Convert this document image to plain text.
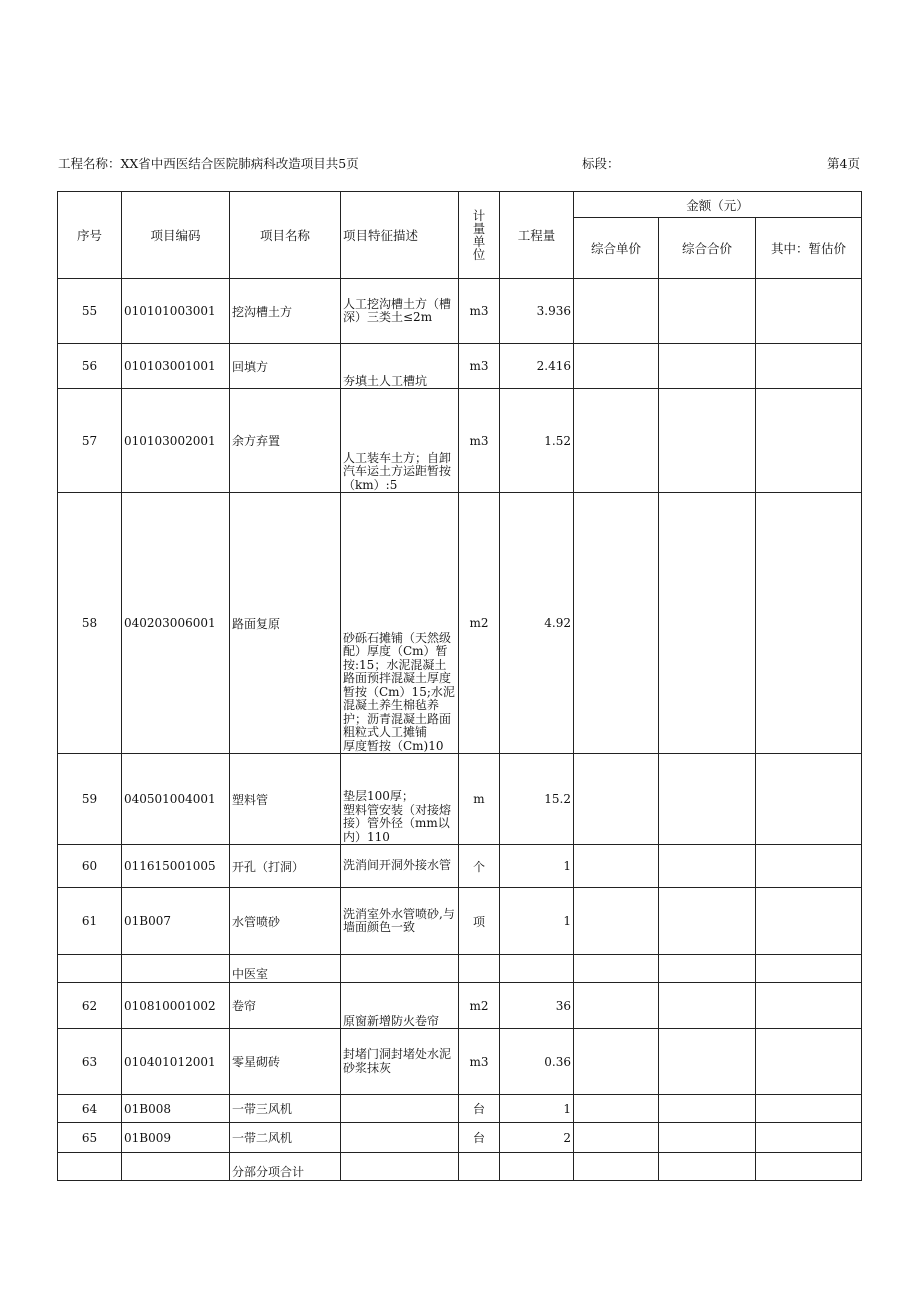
工程名称：XX省中西医结合医院肺病科改造项目共5页	标段：	第4页
序号	项目编码	项目名称	项目特征描述	计
量
单
位	工程量	金额（元）		
						综合单价	综合合价	其中：暂估价
55	010101003001	挖沟槽土方	人工挖沟槽土方（槽深）三类土≤2m	m3	3.936			
56	010103001001	回填方	夯填土人工槽坑	m3	2.416			
57	010103002001	余方弃置	人工装车土方；自卸汽车运土方运距暂按（km）:5	m3	1.52			
58	040203006001	路面复原	砂砾石摊铺（天然级配）厚度（Cm）暂按:15；水泥混凝土路面预拌混凝土厚度暂按（Cm）15;水泥混凝土养生棉毡养护；沥青混凝土路面粗粒式人工摊铺
厚度暂按（Cm)10	m2	4.92			
59	040501004001	塑料管	垫层100厚；
塑料管安装（对接熔接）管外径（mm以内）110	m	15.2			
60	011615001005	开孔（打洞）	洗消间开洞外接水管	个	1			
61	01B007	水管喷砂	洗消室外水管喷砂,与墙面颜色一致	项	1			
		中医室						
62	010810001002	卷帘	原窗新增防火卷帘	m2	36			
63	010401012001	零星砌砖	封堵门洞封堵处水泥砂浆抹灰	m3	0.36			
64	01B008	一带三风机		台	1			
65	01B009	一带二风机		台	2			
		分部分项合计						
